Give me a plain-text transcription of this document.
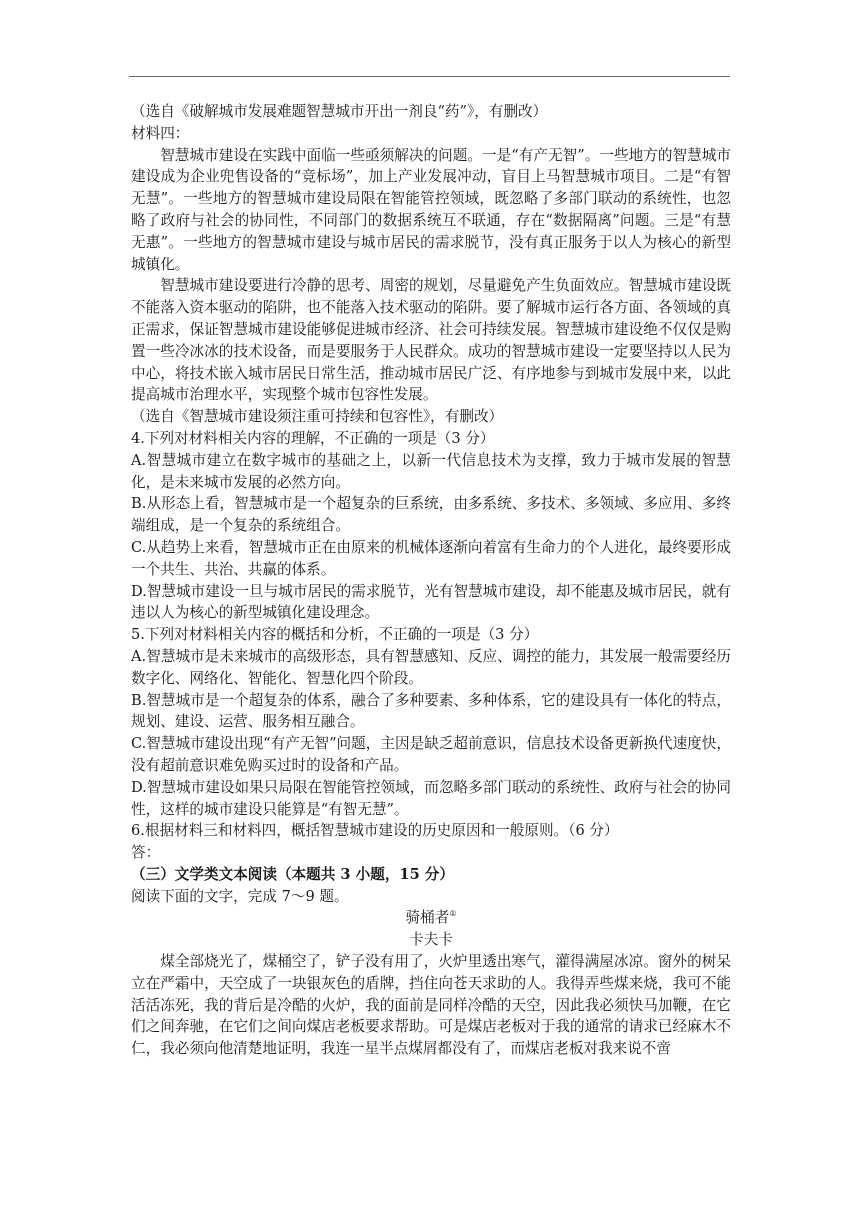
（选自《破解城市发展难题智慧城市开出一剂良“药”》，有删改）

材料四：

智慧城市建设在实践中面临一些亟须解决的问题。一是“有产无智”。一些地方的智慧城市建设成为企业兜售设备的“竞标场”，加上产业发展冲动，盲目上马智慧城市项目。二是“有智无慧”。一些地方的智慧城市建设局限在智能管控领域，既忽略了多部门联动的系统性，也忽略了政府与社会的协同性，不同部门的数据系统互不联通，存在“数据隔离”问题。三是“有慧无惠”。一些地方的智慧城市建设与城市居民的需求脱节，没有真正服务于以人为核心的新型城镇化。

智慧城市建设要进行冷静的思考、周密的规划，尽量避免产生负面效应。智慧城市建设既不能落入资本驱动的陷阱，也不能落入技术驱动的陷阱。要了解城市运行各方面、各领域的真正需求，保证智慧城市建设能够促进城市经济、社会可持续发展。智慧城市建设绝不仅仅是购置一些冷冰冰的技术设备，而是要服务于人民群众。成功的智慧城市建设一定要坚持以人民为中心，将技术嵌入城市居民日常生活，推动城市居民广泛、有序地参与到城市发展中来，以此提高城市治理水平，实现整个城市包容性发展。

（选自《智慧城市建设须注重可持续和包容性》，有删改）

4.下列对材料相关内容的理解，不正确的一项是（3 分）

A.智慧城市建立在数字城市的基础之上，以新一代信息技术为支撑，致力于城市发展的智慧化，是未来城市发展的必然方向。

B.从形态上看，智慧城市是一个超复杂的巨系统，由多系统、多技术、多领域、多应用、多终端组成，是一个复杂的系统组合。

C.从趋势上来看，智慧城市正在由原来的机械体逐渐向着富有生命力的个人进化，最终要形成一个共生、共治、共赢的体系。

D.智慧城市建设一旦与城市居民的需求脱节，光有智慧城市建设，却不能惠及城市居民，就有违以人为核心的新型城镇化建设理念。

5.下列对材料相关内容的概括和分析，不正确的一项是（3 分）

A.智慧城市是未来城市的高级形态，具有智慧感知、反应、调控的能力，其发展一般需要经历数字化、网络化、智能化、智慧化四个阶段。

B.智慧城市是一个超复杂的体系，融合了多种要素、多种体系，它的建设具有一体化的特点，规划、建设、运营、服务相互融合。

C.智慧城市建设出现“有产无智”问题，主因是缺乏超前意识，信息技术设备更新换代速度快，没有超前意识难免购买过时的设备和产品。

D.智慧城市建设如果只局限在智能管控领域，而忽略多部门联动的系统性、政府与社会的协同性，这样的城市建设只能算是“有智无慧”。

6.根据材料三和材料四，概括智慧城市建设的历史原因和一般原则。（6 分）

答：

（三）文学类文本阅读（本题共 3 小题，15 分）

阅读下面的文字，完成 7～9 题。

骑桶者①

卡夫卡

煤全部烧光了，煤桶空了，铲子没有用了，火炉里透出寒气，灌得满屋冰凉。窗外的树呆立在严霜中，天空成了一块银灰色的盾牌，挡住向苍天求助的人。我得弄些煤来烧，我可不能活活冻死，我的背后是冷酷的火炉，我的面前是同样冷酷的天空，因此我必须快马加鞭，在它们之间奔驰，在它们之间向煤店老板要求帮助。可是煤店老板对于我的通常的请求已经麻木不仁，我必须向他清楚地证明，我连一星半点煤屑都没有了，而煤店老板对我来说不啻
